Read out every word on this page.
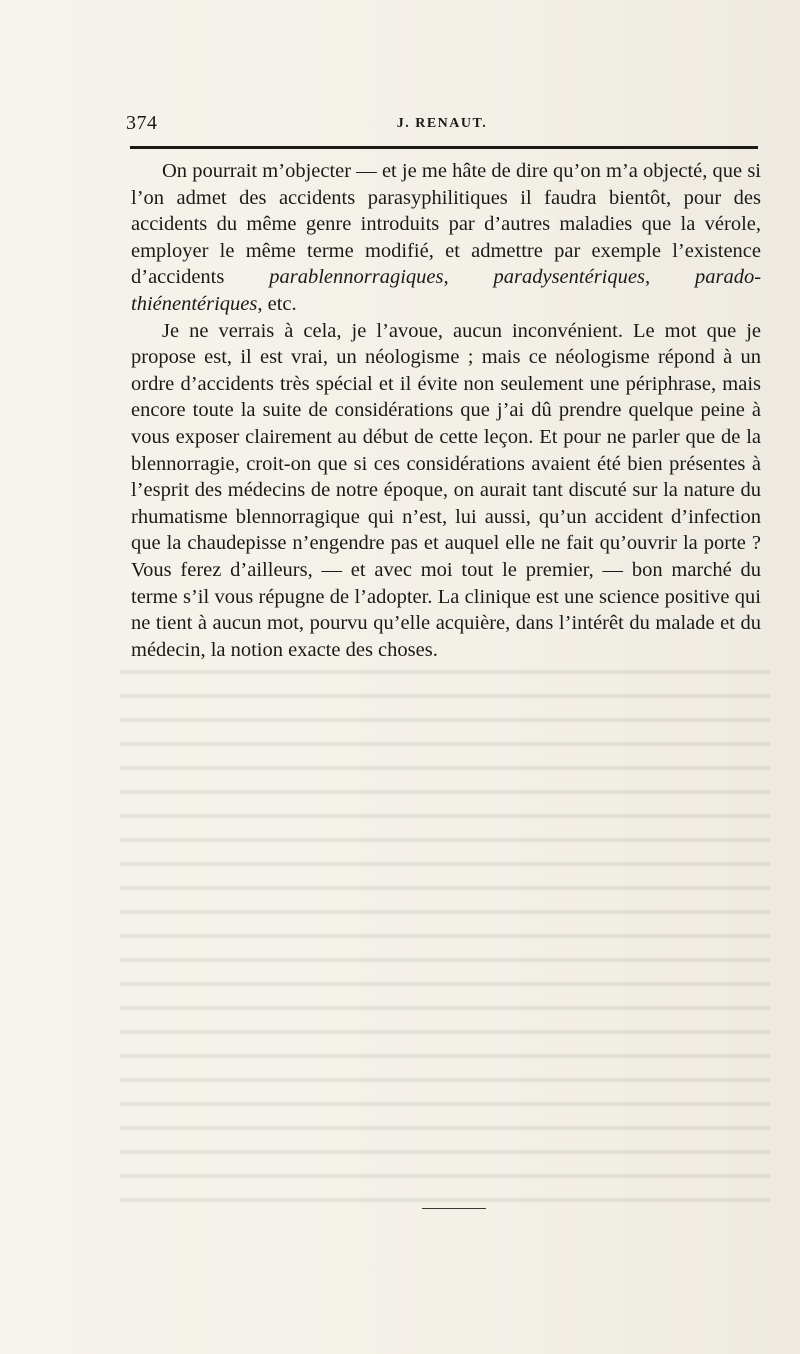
374	J. RENAUT.

On pourrait m’objecter — et je me hâte de dire qu’on m’a objecté, que si l’on admet des accidents parasyphilitiques il faudra bientôt, pour des accidents du même genre introduits par d’autres maladies que la vérole, employer le même terme modifié, et admettre par exemple l’existence d’accidents parablennorragiques, paradysentériques, parado-thiénentériques, etc.

Je ne verrais à cela, je l’avoue, aucun inconvénient. Le mot que je propose est, il est vrai, un néologisme ; mais ce néologisme répond à un ordre d’accidents très spécial et il évite non seulement une périphrase, mais encore toute la suite de considérations que j’ai dû prendre quelque peine à vous exposer clairement au début de cette leçon. Et pour ne parler que de la blennorragie, croit-on que si ces considérations avaient été bien présentes à l’esprit des médecins de notre époque, on aurait tant discuté sur la nature du rhumatisme blennorragique qui n’est, lui aussi, qu’un accident d’infection que la chaudepisse n’engendre pas et auquel elle ne fait qu’ouvrir la porte ? Vous ferez d’ailleurs, — et avec moi tout le premier, — bon marché du terme s’il vous répugne de l’adopter. La clinique est une science positive qui ne tient à aucun mot, pourvu qu’elle acquière, dans l’intérêt du malade et du médecin, la notion exacte des choses.
